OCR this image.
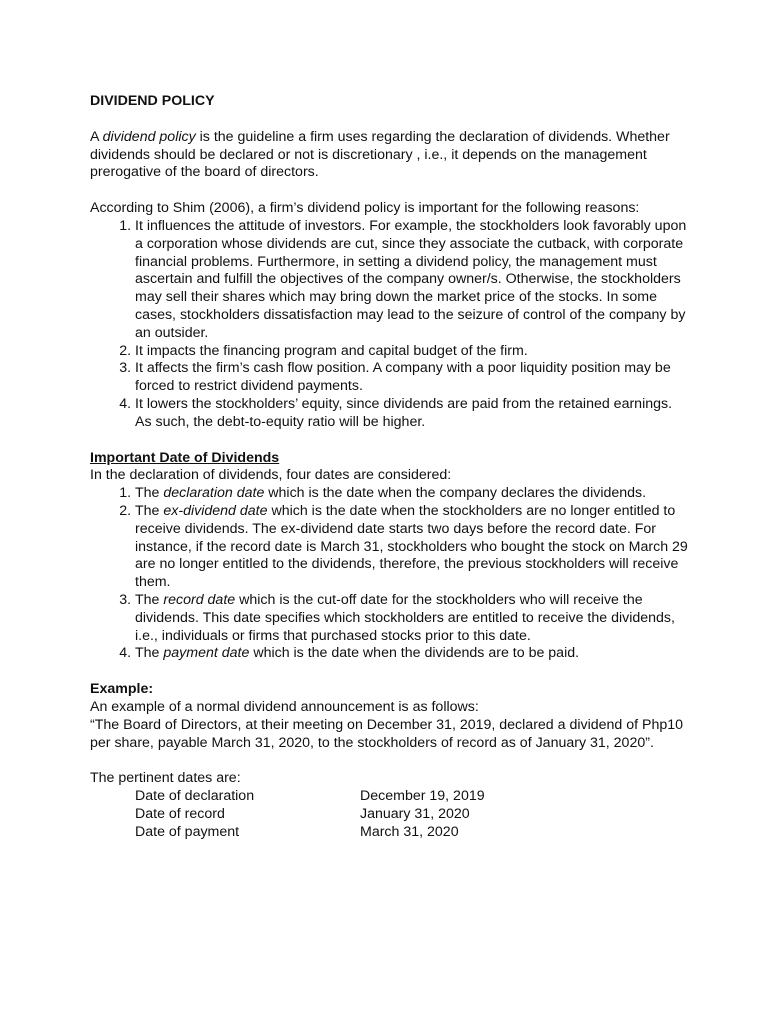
DIVIDEND POLICY

A dividend policy is the guideline a firm uses regarding the declaration of dividends. Whether dividends should be declared or not is discretionary , i.e., it depends on the management prerogative of the board of directors.

According to Shim (2006), a firm’s dividend policy is important for the following reasons:

1. It influences the attitude of investors. For example, the stockholders look favorably upon a corporation whose dividends are cut, since they associate the cutback, with corporate financial problems. Furthermore, in setting a dividend policy, the management must ascertain and fulfill the objectives of the company owner/s. Otherwise, the stockholders may sell their shares which may bring down the market price of the stocks. In some cases, stockholders dissatisfaction may lead to the seizure of control of the company by an outsider.
2. It impacts the financing program and capital budget of the firm.
3. It affects the firm’s cash flow position. A company with a poor liquidity position may be forced to restrict dividend payments.
4. It lowers the stockholders’ equity, since dividends are paid from the retained earnings. As such, the debt-to-equity ratio will be higher.

Important Date of Dividends

In the declaration of dividends, four dates are considered:

1. The declaration date which is the date when the company declares the dividends.
2. The ex-dividend date which is the date when the stockholders are no longer entitled to receive dividends. The ex-dividend date starts two days before the record date. For instance, if the record date is March 31, stockholders who bought the stock on March 29 are no longer entitled to the dividends, therefore, the previous stockholders will receive them.
3. The record date which is the cut-off date for the stockholders who will receive the dividends. This date specifies which stockholders are entitled to receive the dividends, i.e., individuals or firms that purchased stocks prior to this date.
4. The payment date which is the date when the dividends are to be paid.

Example:

An example of a normal dividend announcement is as follows:

“The Board of Directors, at their meeting on December 31, 2019, declared a dividend of Php10 per share, payable March 31, 2020, to the stockholders of record as of January 31, 2020”.

The pertinent dates are:

Date of declaration	December 19, 2019
Date of record	January 31, 2020
Date of payment	March 31, 2020
